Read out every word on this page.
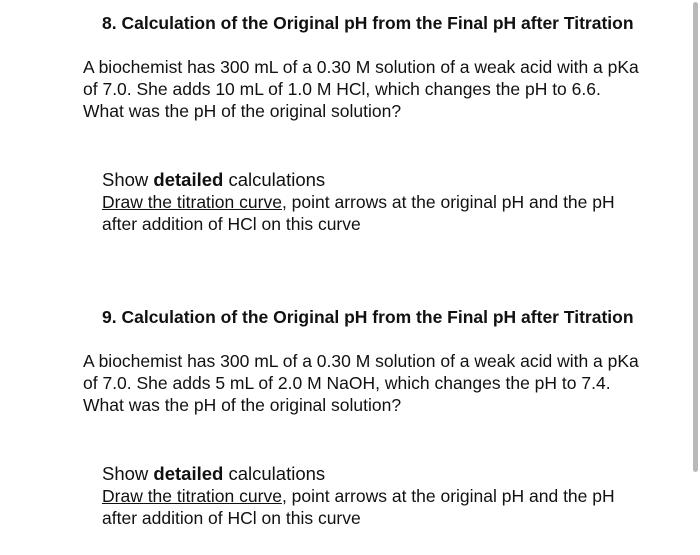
8. Calculation of the Original pH from the Final pH after Titration

A biochemist has 300 mL of a 0.30 M solution of a weak acid with a pKa of 7.0. She adds 10 mL of 1.0 M HCl, which changes the pH to 6.6.
What was the pH of the original solution?

Show detailed calculations

Draw the titration curve, point arrows at the original pH and the pH after addition of HCl on this curve

9. Calculation of the Original pH from the Final pH after Titration

A biochemist has 300 mL of a 0.30 M solution of a weak acid with a pKa of 7.0. She adds 5 mL of 2.0 M NaOH, which changes the pH to 7.4.
What was the pH of the original solution?

Show detailed calculations

Draw the titration curve, point arrows at the original pH and the pH after addition of HCl on this curve
